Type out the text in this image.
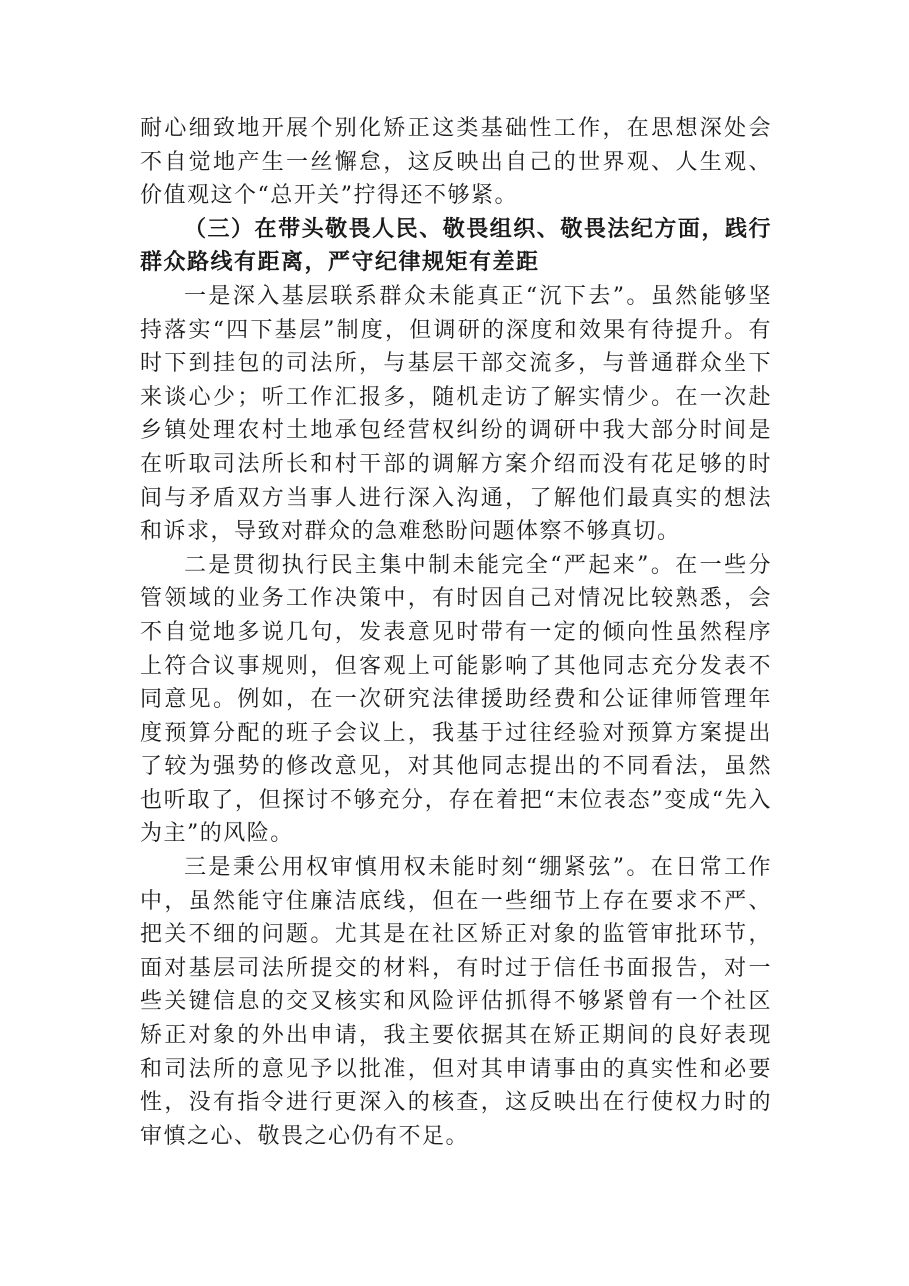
耐心细致地开展个别化矫正这类基础性工作，在思想深处会不自觉地产生一丝懈怠，这反映出自己的世界观、人生观、价值观这个“总开关”拧得还不够紧。

（三）在带头敬畏人民、敬畏组织、敬畏法纪方面，践行群众路线有距离，严守纪律规矩有差距

一是深入基层联系群众未能真正“沉下去”。虽然能够坚持落实“四下基层”制度，但调研的深度和效果有待提升。有时下到挂包的司法所，与基层干部交流多，与普通群众坐下来谈心少；听工作汇报多，随机走访了解实情少。在一次赴乡镇处理农村土地承包经营权纠纷的调研中我大部分时间是在听取司法所长和村干部的调解方案介绍而没有花足够的时间与矛盾双方当事人进行深入沟通，了解他们最真实的想法和诉求，导致对群众的急难愁盼问题体察不够真切。

二是贯彻执行民主集中制未能完全“严起来”。在一些分管领域的业务工作决策中，有时因自己对情况比较熟悉，会不自觉地多说几句，发表意见时带有一定的倾向性虽然程序上符合议事规则，但客观上可能影响了其他同志充分发表不同意见。例如，在一次研究法律援助经费和公证律师管理年度预算分配的班子会议上，我基于过往经验对预算方案提出了较为强势的修改意见，对其他同志提出的不同看法，虽然也听取了，但探讨不够充分，存在着把“末位表态”变成“先入为主”的风险。

三是秉公用权审慎用权未能时刻“绷紧弦”。在日常工作中，虽然能守住廉洁底线，但在一些细节上存在要求不严、把关不细的问题。尤其是在社区矫正对象的监管审批环节，面对基层司法所提交的材料，有时过于信任书面报告，对一些关键信息的交叉核实和风险评估抓得不够紧曾有一个社区矫正对象的外出申请，我主要依据其在矫正期间的良好表现和司法所的意见予以批准，但对其申请事由的真实性和必要性，没有指令进行更深入的核查，这反映出在行使权力时的审慎之心、敬畏之心仍有不足。
